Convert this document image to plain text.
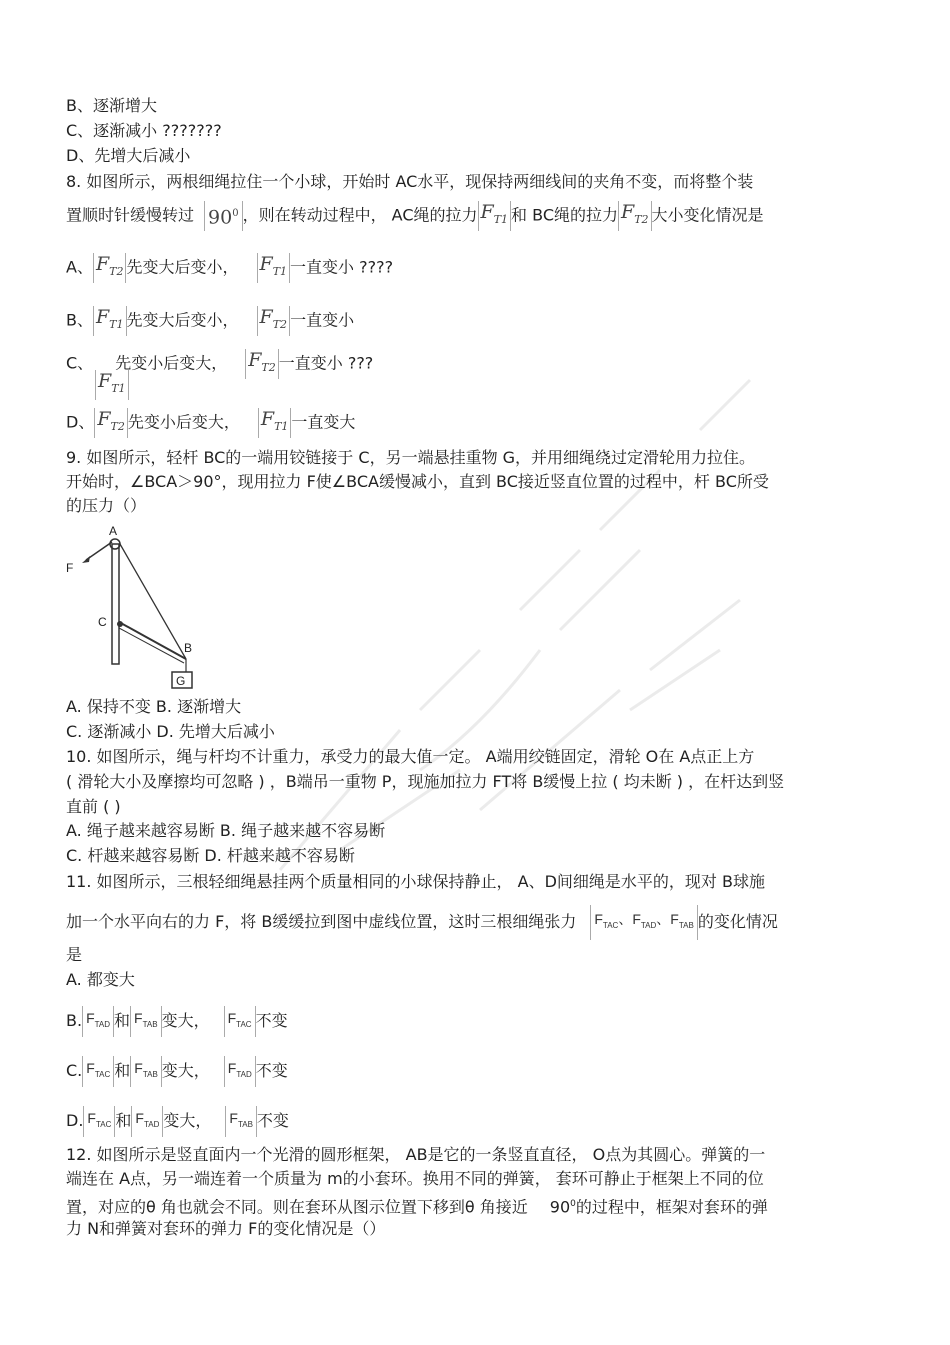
B、逐渐增大
C、逐渐减小 ???????
D、先增大后减小
8. 如图所示，两根细绳拉住一个小球，开始时 AC水平，现保持两细线间的夹角不变，而将整个装
置顺时针缓慢转过 $90^0$ ，则在转动过程中， AC绳的拉力 $F_{T1}$ 和 BC绳的拉力 $F_{T2}$ 大小变化情况是
A、 $F_{T2}$ 先变大后变小， $F_{T1}$ 一直变小 ????
B、 $F_{T1}$ 先变大后变小， $F_{T2}$ 一直变小
C、 先变小后变大， $F_{T2}$ 一直变小 ???
$F_{T1}$
D、 $F_{T2}$ 先变小后变大， $F_{T1}$ 一直变大
9. 如图所示，轻杆 BC的一端用铰链接于 C，另一端悬挂重物 G，并用细绳绕过定滑轮用力拉住。
开始时，∠BCA＞90°，现用拉力 F使∠BCA缓慢减小，直到 BC接近竖直位置的过程中，杆 BC所受
的压力（）
A
F
C
B
G
A. 保持不变 B. 逐渐增大
C. 逐渐减小 D. 先增大后减小
10. 如图所示，绳与杆均不计重力，承受力的最大值一定。 A端用绞链固定，滑轮 O在 A点正上方
( 滑轮大小及摩擦均可忽略 ) ，B端吊一重物 P，现施加拉力 FT将 B缓慢上拉 ( 均未断 ) ，在杆达到竖
直前 ( )
A. 绳子越来越容易断 B. 绳子越来越不容易断
C. 杆越来越容易断 D. 杆越来越不容易断
11. 如图所示，三根轻细绳悬挂两个质量相同的小球保持静止， A、D间细绳是水平的，现对 B球施
加一个水平向右的力 F，将 B缓缓拉到图中虚线位置，这时三根细绳张力 $F_{TAC}$、$F_{TAD}$、$F_{TAB}$ 的变化情况
是
A. 都变大
B. $F_{TAD}$ 和 $F_{TAB}$ 变大， $F_{TAC}$ 不变
C. $F_{TAC}$ 和 $F_{TAB}$ 变大， $F_{TAD}$ 不变
D. $F_{TAC}$ 和 $F_{TAD}$ 变大， $F_{TAB}$ 不变
12. 如图所示是竖直面内一个光滑的圆形框架， AB是它的一条竖直直径， O点为其圆心。弹簧的一
端连在 A点，另一端连着一个质量为 m的小套环。换用不同的弹簧， 套环可静止于框架上不同的位
置，对应的θ 角也就会不同。则在套环从图示位置下移到θ 角接近 $90^0$的过程中，框架对套环的弹
力 N和弹簧对套环的弹力 F的变化情况是（）
